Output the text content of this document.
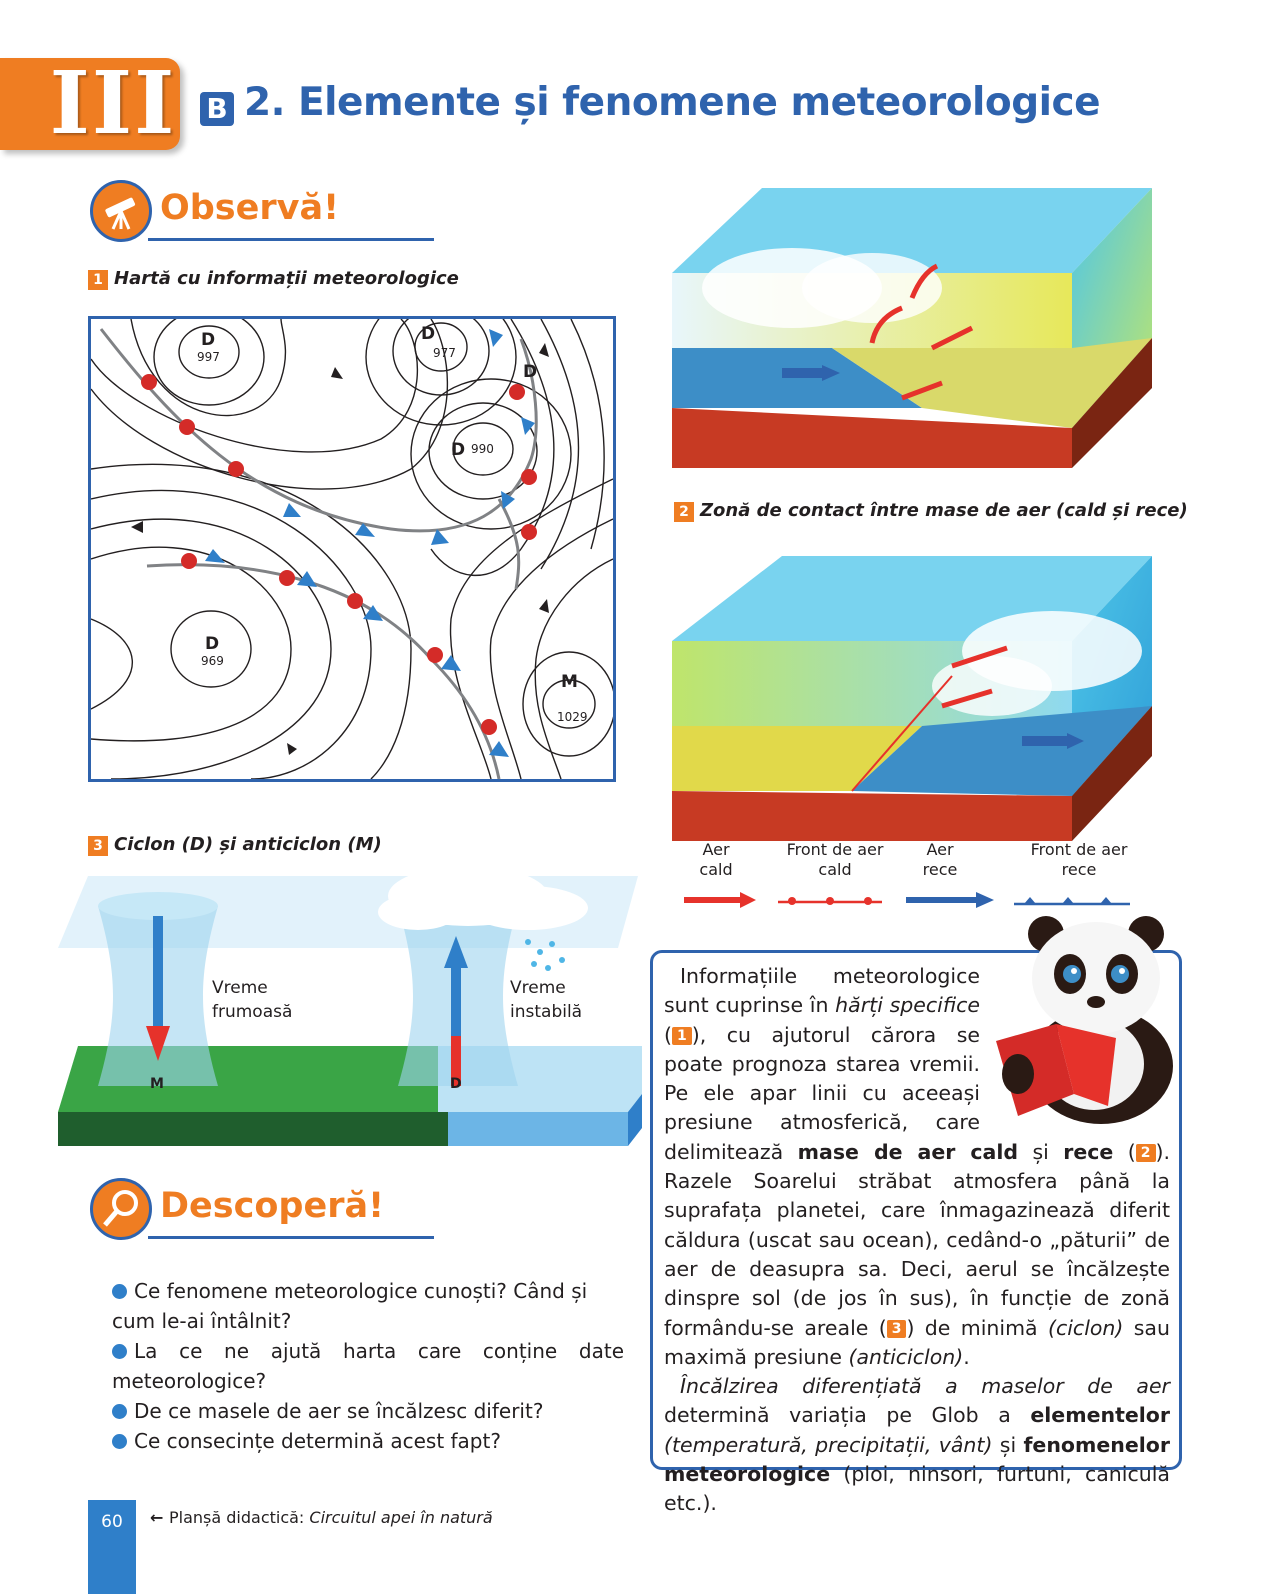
III B 2. Elemente și fenomene meteorologice
Observă!
1 Hartă cu informații meteorologice
D
997
D
977
D 990
D
969
M
1029
D
2 Zonă de contact între mase de aer (cald și rece)
Aer
cald
Front de aer
cald
Aer
rece
Front de aer
rece
3 Ciclon (D) și anticiclon (M)
M	D
Vreme
frumoasă
Vreme
instabilă
Descoperă!
Ce fenomene meteorologice cunoști? Când și cum le-ai întâlnit?
La ce ne ajută harta care conține date meteorologice?
De ce masele de aer se încălzesc diferit?
Ce consecințe determină acest fapt?
Informațiile meteorologice sunt cuprinse în hărți specifice ( 1 ), cu ajutorul cărora se poate prognoza starea vremii. Pe ele apar linii cu aceeași presiune atmosferică, care delimitează mase de aer cald și rece ( 2 ). Razele Soarelui străbat atmosfera până la suprafața planetei, care înmagazinează diferit căldura (uscat sau ocean), cedând-o „păturii” de aer de deasupra sa. Deci, aerul se încălzește dinspre sol (de jos în sus), în funcție de zonă formându-se areale ( 3 ) de minimă (ciclon) sau maximă presiune (anticiclon).
Încălzirea diferențiată a maselor de aer determină variația pe Glob a elementelor (temperatură, precipitații, vânt) și fenomenelor meteorologice (ploi, ninsori, furtuni, caniculă etc.).
60	← Planșă didactică: Circuitul apei în natură
